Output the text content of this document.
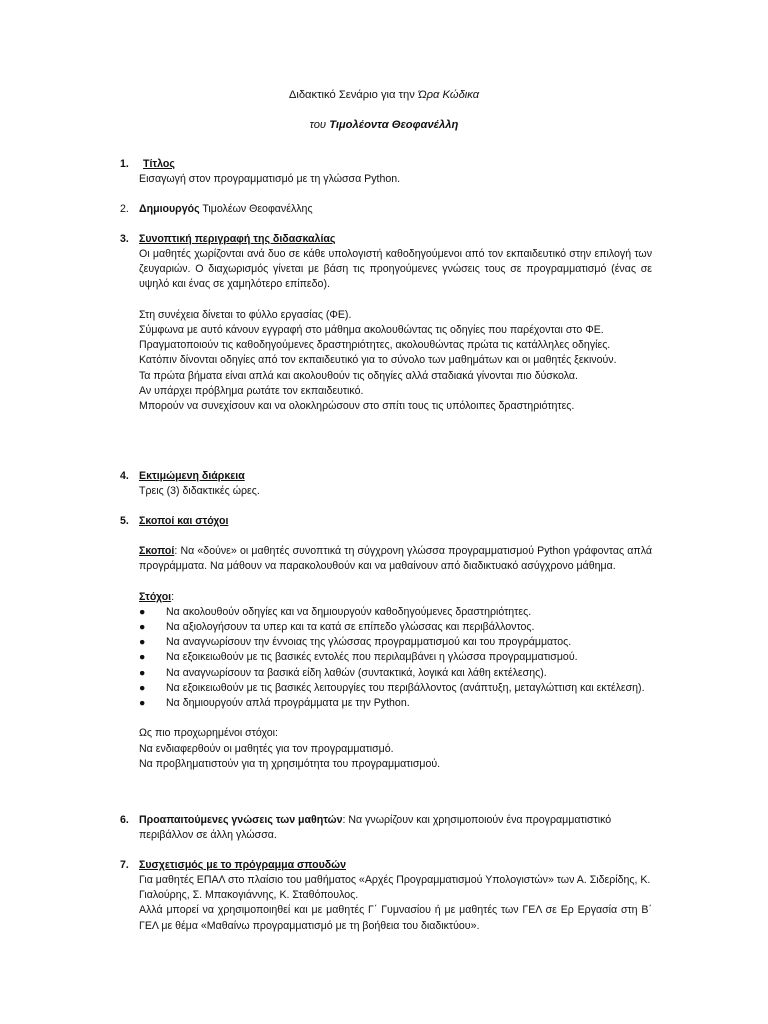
Διδακτικό Σενάριο για την Ώρα Κώδικα
του Τιμολέοντα Θεοφανέλλη
1.	Τίτλος
Εισαγωγή στον προγραμματισμό με τη γλώσσα Python.
2. Δημιουργός Τιμολέων Θεοφανέλλης
3. Συνοπτική περιγραφή της διδασκαλίας

Οι μαθητές χωρίζονται ανά δυο σε κάθε υπολογιστή καθοδηγούμενοι από τον εκπαιδευτικό στην επιλογή των ζευγαριών. Ο διαχωρισμός γίνεται με βάση τις προηγούμενες γνώσεις τους σε προγραμματισμό (ένας σε υψηλό και ένας σε χαμηλότερο επίπεδο).

Στη συνέχεια δίνεται το φύλλο εργασίας (ΦΕ).

Σύμφωνα με αυτό κάνουν εγγραφή στο μάθημα ακολουθώντας τις οδηγίες που παρέχονται στο ΦΕ.

Πραγματοποιούν τις καθοδηγούμενες δραστηριότητες, ακολουθώντας πρώτα τις κατάλληλες οδηγίες.

Κατόπιν δίνονται οδηγίες από τον εκπαιδευτικό για το σύνολο των μαθημάτων και οι μαθητές ξεκινούν.

Τα πρώτα βήματα είναι απλά και ακολουθούν τις οδηγίες αλλά σταδιακά γίνονται πιο δύσκολα.

Αν υπάρχει πρόβλημα ρωτάτε τον εκπαιδευτικό.

Μπορούν να συνεχίσουν και να ολοκληρώσουν στο σπίτι τους τις υπόλοιπες δραστηριότητες.

4. Εκτιμώμενη διάρκεια
Τρεις (3) διδακτικές ώρες.
5. Σκοποί και στόχοι

Σκοποί: Να «δούνε» οι μαθητές συνοπτικά τη σύγχρονη γλώσσα προγραμματισμού Python γράφοντας απλά προγράμματα. Να μάθουν να παρακολουθούν και να μαθαίνουν από διαδικτυακό ασύγχρονο μάθημα.

Στόχοι:

● Να ακολουθούν οδηγίες και να δημιουργούν καθοδηγούμενες δραστηριότητες.
● Να αξιολογήσουν τα υπερ και τα κατά σε επίπεδο γλώσσας και περιβάλλοντος.
● Να αναγνωρίσουν την έννοιας της γλώσσας προγραμματισμού και του προγράμματος.
● Να εξοικειωθούν με τις βασικές εντολές που περιλαμβάνει η γλώσσα προγραμματισμού.
● Να αναγνωρίσουν τα βασικά είδη λαθών (συντακτικά, λογικά και λάθη εκτέλεσης).
● Να εξοικειωθούν με τις βασικές λειτουργίες του περιβάλλοντος (ανάπτυξη, μεταγλώττιση και εκτέλεση).
● Να δημιουργούν απλά προγράμματα με την Python.

Ως πιο προχωρημένοι στόχοι:

Να ενδιαφερθούν οι μαθητές για τον προγραμματισμό.

Να προβληματιστούν για τη χρησιμότητα του προγραμματισμού.

6. Προαπαιτούμενες γνώσεις των μαθητών: Να γνωρίζουν και χρησιμοποιούν ένα προγραμματιστικό περιβάλλον σε άλλη γλώσσα.
7. Συσχετισμός με το πρόγραμμα σπουδών

Για μαθητές ΕΠΑΛ στο πλαίσιο του μαθήματος «Αρχές Προγραμματισμού Υπολογιστών» των Α. Σιδερίδης, Κ. Γιαλούρης, Σ. Μπακογιάννης, Κ. Σταθόπουλος.

Αλλά μπορεί να χρησιμοποιηθεί και με μαθητές Γ΄ Γυμνασίου ή με μαθητές των ΓΕΛ σε Ερ Εργασία στη Β΄ ΓΕΛ με θέμα «Μαθαίνω προγραμματισμό με τη βοήθεια του διαδικτύου».
